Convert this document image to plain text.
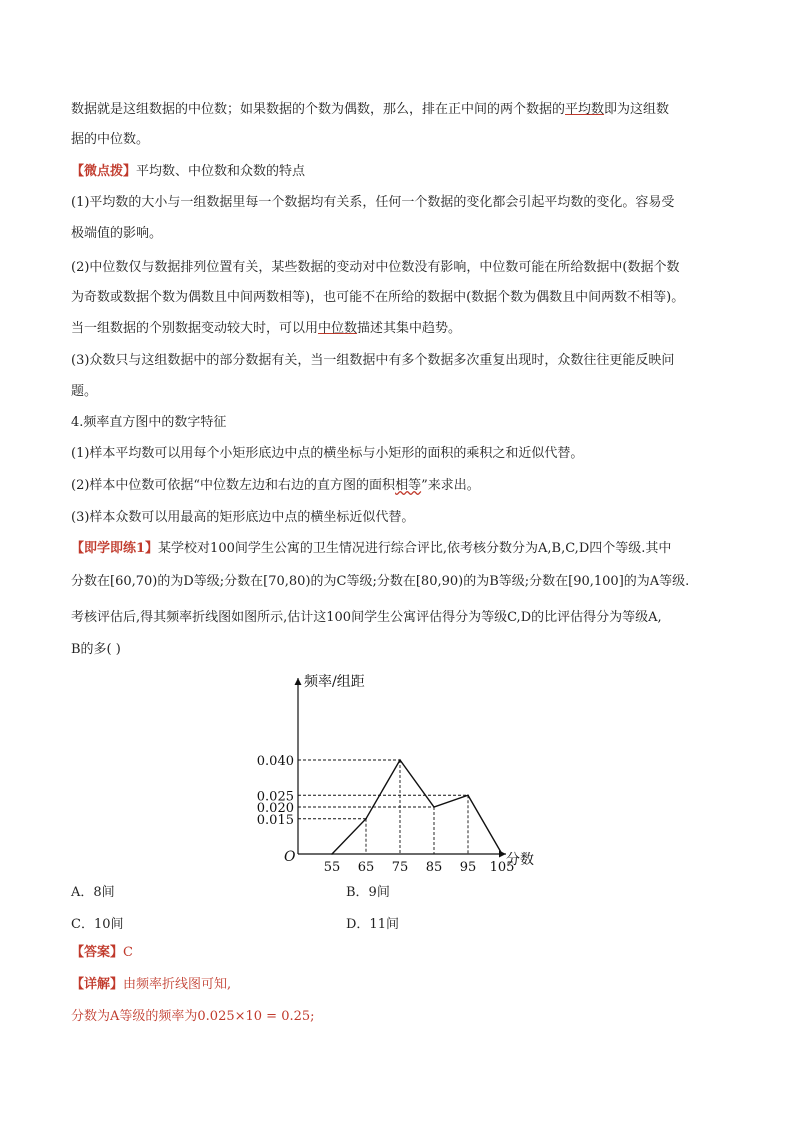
数据就是这组数据的中位数；如果数据的个数为偶数，那么，排在正中间的两个数据的平均数即为这组数
据的中位数。
【微点拨】平均数、中位数和众数的特点
(1)平均数的大小与一组数据里每一个数据均有关系，任何一个数据的变化都会引起平均数的变化。容易受
极端值的影响。
(2)中位数仅与数据排列位置有关，某些数据的变动对中位数没有影响，中位数可能在所给数据中(数据个数
为奇数或数据个数为偶数且中间两数相等)，也可能不在所给的数据中(数据个数为偶数且中间两数不相等)。
当一组数据的个别数据变动较大时，可以用中位数描述其集中趋势。
(3)众数只与这组数据中的部分数据有关，当一组数据中有多个数据多次重复出现时，众数往往更能反映问
题。
4.频率直方图中的数字特征
(1)样本平均数可以用每个小矩形底边中点的横坐标与小矩形的面积的乘积之和近似代替。
(2)样本中位数可依据“中位数左边和右边的直方图的面积相等”来求出。
(3)样本众数可以用最高的矩形底边中点的横坐标近似代替。
【即学即练1】某学校对100间学生公寓的卫生情况进行综合评比,依考核分数分为A,B,C,D四个等级.其中
分数在[60,70)的为D等级;分数在[70,80)的为C等级;分数在[80,90)的为B等级;分数在[90,100]的为A等级.
考核评估后,得其频率折线图如图所示,估计这100间学生公寓评估得分为等级C,D的比评估得分为等级A,
B的多( )
频率/组距
分数
O
55 65 75 85 95 105
0.040
0.025
0.020
0.015
A．8间	B．9间
C．10间	D．11间
【答案】C
【详解】由频率折线图可知,
分数为A等级的频率为0.025×10 = 0.25;
